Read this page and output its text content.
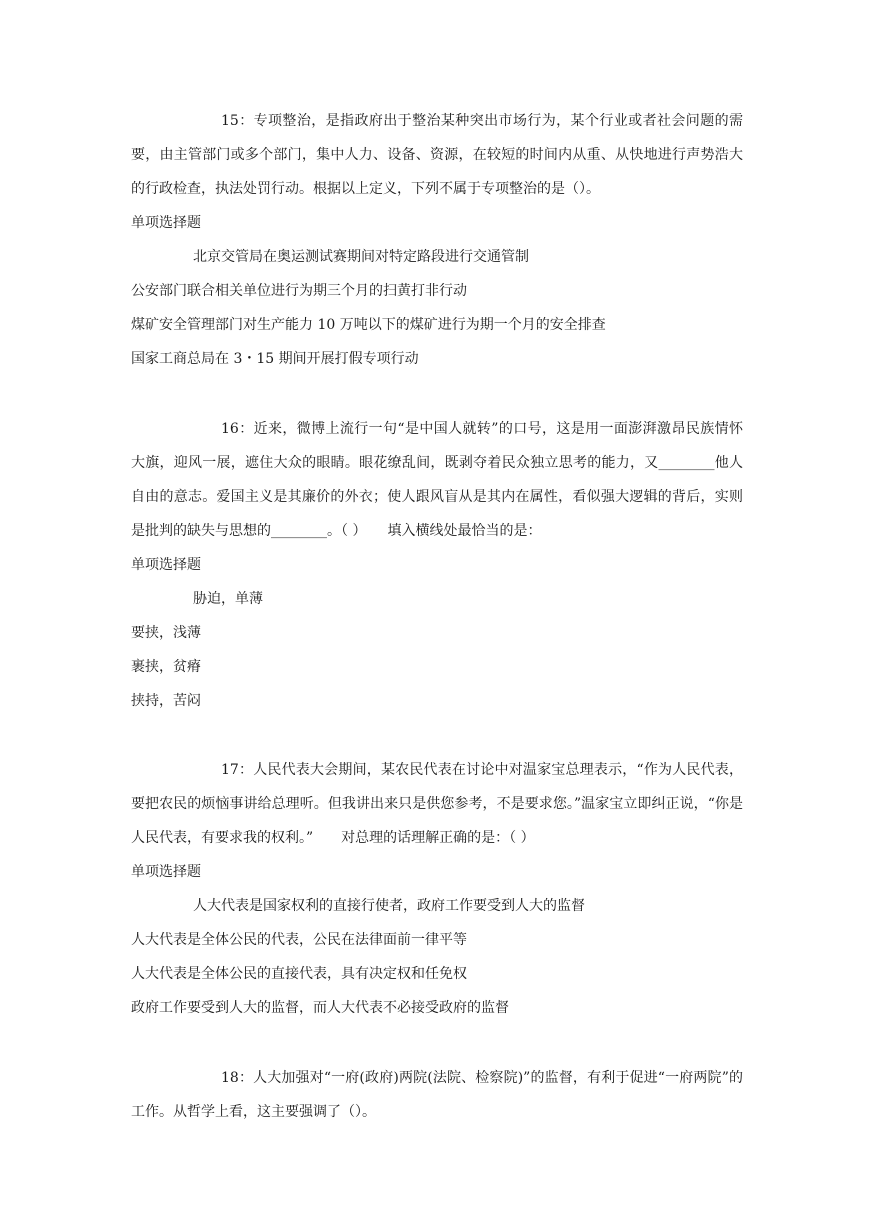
15：专项整治，是指政府出于整治某种突出市场行为，某个行业或者社会问题的需要，由主管部门或多个部门，集中人力、设备、资源，在较短的时间内从重、从快地进行声势浩大的行政检查，执法处罚行动。根据以上定义，下列不属于专项整治的是（）。

单项选择题

北京交管局在奥运测试赛期间对特定路段进行交通管制

公安部门联合相关单位进行为期三个月的扫黄打非行动

煤矿安全管理部门对生产能力 10 万吨以下的煤矿进行为期一个月的安全排查

国家工商总局在 3・15 期间开展打假专项行动

16：近来，微博上流行一句“是中国人就转”的口号，这是用一面澎湃激昂民族情怀大旗，迎风一展，遮住大众的眼睛。眼花缭乱间，既剥夺着民众独立思考的能力，又________他人自由的意志。爱国主义是其廉价的外衣；使人跟风盲从是其内在属性，看似强大逻辑的背后，实则是批判的缺失与思想的________。（ ）　　填入横线处最恰当的是：

单项选择题

胁迫，单薄

要挟，浅薄

裹挟，贫瘠

挟持，苦闷

17：人民代表大会期间，某农民代表在讨论中对温家宝总理表示，“作为人民代表，要把农民的烦恼事讲给总理听。但我讲出来只是供您参考，不是要求您。”温家宝立即纠正说，“你是人民代表，有要求我的权利。”　　对总理的话理解正确的是：（ ）

单项选择题

人大代表是国家权利的直接行使者，政府工作要受到人大的监督

人大代表是全体公民的代表，公民在法律面前一律平等

人大代表是全体公民的直接代表，具有决定权和任免权

政府工作要受到人大的监督，而人大代表不必接受政府的监督

18：人大加强对“一府(政府)两院(法院、检察院)”的监督，有利于促进“一府两院”的工作。从哲学上看，这主要强调了（）。
